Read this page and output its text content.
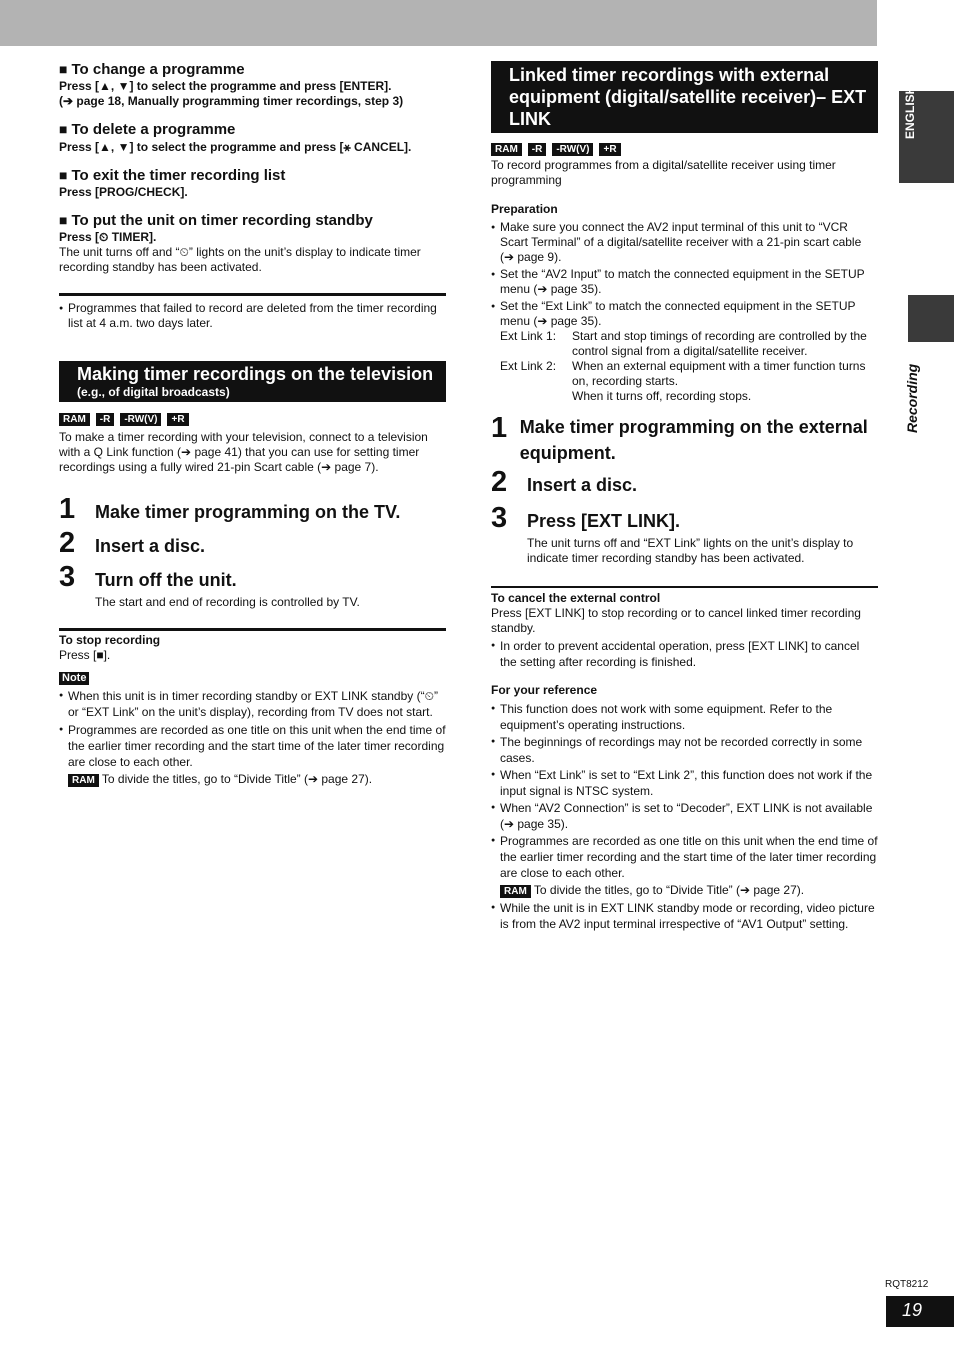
ENGLISH
Recording
■ To change a programme
Press [▲, ▼] to select the programme and press [ENTER].
(➔ page 18, Manually programming timer recordings, step 3)
■ To delete a programme
Press [▲, ▼] to select the programme and press [⚹ CANCEL].
■ To exit the timer recording list
Press [PROG/CHECK].
■ To put the unit on timer recording standby
Press [⏲ TIMER].
The unit turns off and “⏲” lights on the unit’s display to indicate timer recording standby has been activated.
● Programmes that failed to record are deleted from the timer recording list at 4 a.m. two days later.
Making timer recordings on the television
(e.g., of digital broadcasts)
RAM	-R	-RW(V)	+R
To make a timer recording with your television, connect to a television with a Q Link function (➔ page 41) that you can use for setting timer recordings using a fully wired 21-pin Scart cable (➔ page 7).
1	Make timer programming on the TV.
2	Insert a disc.
3	Turn off the unit.
The start and end of recording is controlled by TV.
To stop recording
Press [■].
Note
● When this unit is in timer recording standby or EXT LINK standby (“⏲” or “EXT Link” on the unit’s display), recording from TV does not start.
● Programmes are recorded as one title on this unit when the end time of the earlier timer recording and the start time of the later timer recording are close to each other.
RAM To divide the titles, go to “Divide Title” (➔ page 27).
Linked timer recordings with external equipment (digital/satellite receiver)– EXT LINK
RAM	-R	-RW(V)	+R
To record programmes from a digital/satellite receiver using timer programming
Preparation
● Make sure you connect the AV2 input terminal of this unit to “VCR Scart Terminal” of a digital/satellite receiver with a 21-pin scart cable (➔ page 9).
● Set the “AV2 Input” to match the connected equipment in the SETUP menu (➔ page 35).
● Set the “Ext Link” to match the connected equipment in the SETUP menu (➔ page 35).
Ext Link 1:	Start and stop timings of recording are controlled by the control signal from a digital/satellite receiver.
Ext Link 2:	When an external equipment with a timer function turns on, recording starts.
When it turns off, recording stops.
1 Make timer programming on the external equipment.
2	Insert a disc.
3	Press [EXT LINK].
The unit turns off and “EXT Link” lights on the unit’s display to indicate timer recording standby has been activated.
To cancel the external control
Press [EXT LINK] to stop recording or to cancel linked timer recording standby.
● In order to prevent accidental operation, press [EXT LINK] to cancel the setting after recording is finished.
For your reference
● This function does not work with some equipment. Refer to the equipment’s operating instructions.
● The beginnings of recordings may not be recorded correctly in some cases.
● When “Ext Link” is set to “Ext Link 2”, this function does not work if the input signal is NTSC system.
● When “AV2 Connection” is set to “Decoder”, EXT LINK is not available (➔ page 35).
● Programmes are recorded as one title on this unit when the end time of the earlier timer recording and the start time of the later timer recording are close to each other.
RAM To divide the titles, go to “Divide Title” (➔ page 27).
● While the unit is in EXT LINK standby mode or recording, video picture is from the AV2 input terminal irrespective of “AV1 Output” setting.
RQT8212
19
